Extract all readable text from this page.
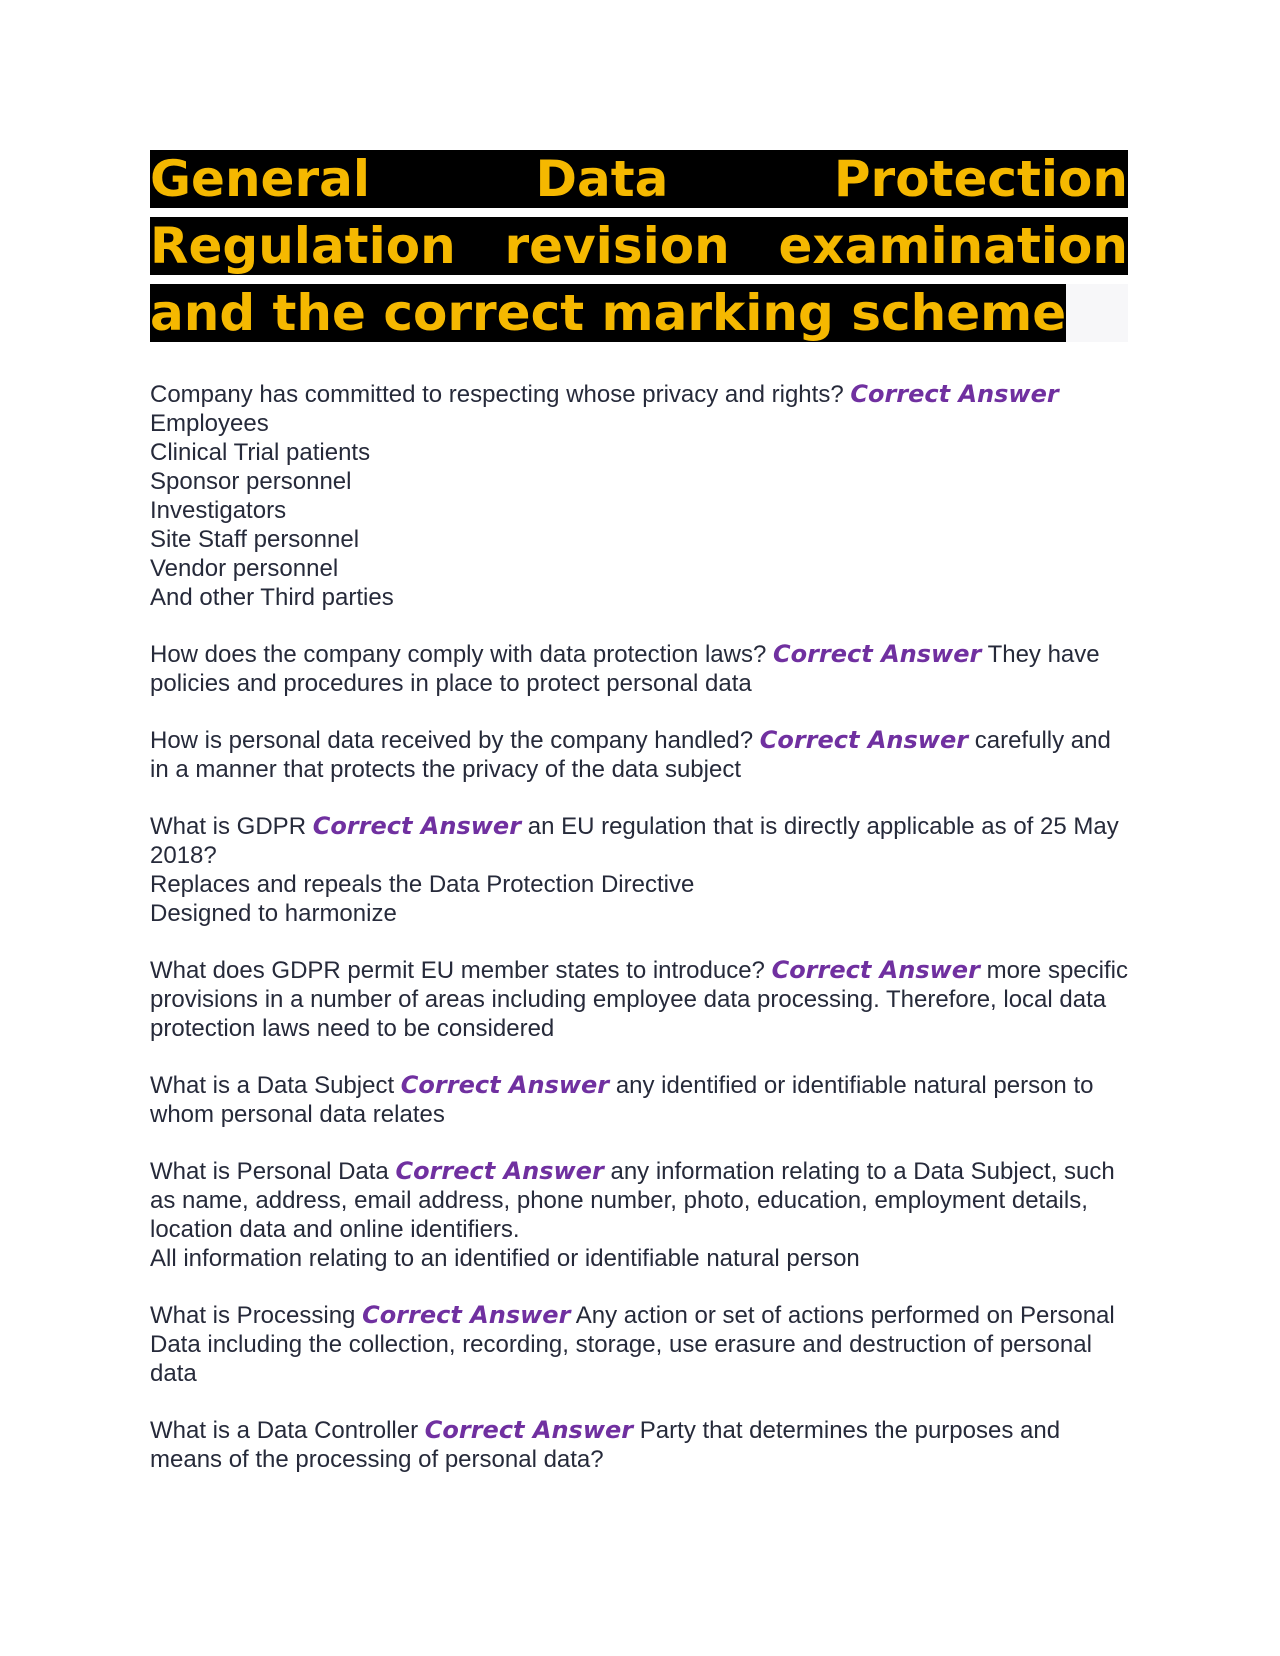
General	Data	Protection
Regulation revision examination
and the correct marking scheme
Company has committed to respecting whose privacy and rights? Correct Answer
Employees
Clinical Trial patients
Sponsor personnel
Investigators
Site Staff personnel
Vendor personnel
And other Third parties
How does the company comply with data protection laws? Correct Answer They have policies and procedures in place to protect personal data
How is personal data received by the company handled? Correct Answer carefully and in a manner that protects the privacy of the data subject
What is GDPR Correct Answer an EU regulation that is directly applicable as of 25 May 2018?
Replaces and repeals the Data Protection Directive
Designed to harmonize
What does GDPR permit EU member states to introduce? Correct Answer more specific provisions in a number of areas including employee data processing. Therefore, local data protection laws need to be considered
What is a Data Subject Correct Answer any identified or identifiable natural person to whom personal data relates
What is Personal Data Correct Answer any information relating to a Data Subject, such as name, address, email address, phone number, photo, education, employment details, location data and online identifiers.
All information relating to an identified or identifiable natural person
What is Processing Correct Answer Any action or set of actions performed on Personal Data including the collection, recording, storage, use erasure and destruction of personal data
What is a Data Controller Correct Answer Party that determines the purposes and means of the processing of personal data?
